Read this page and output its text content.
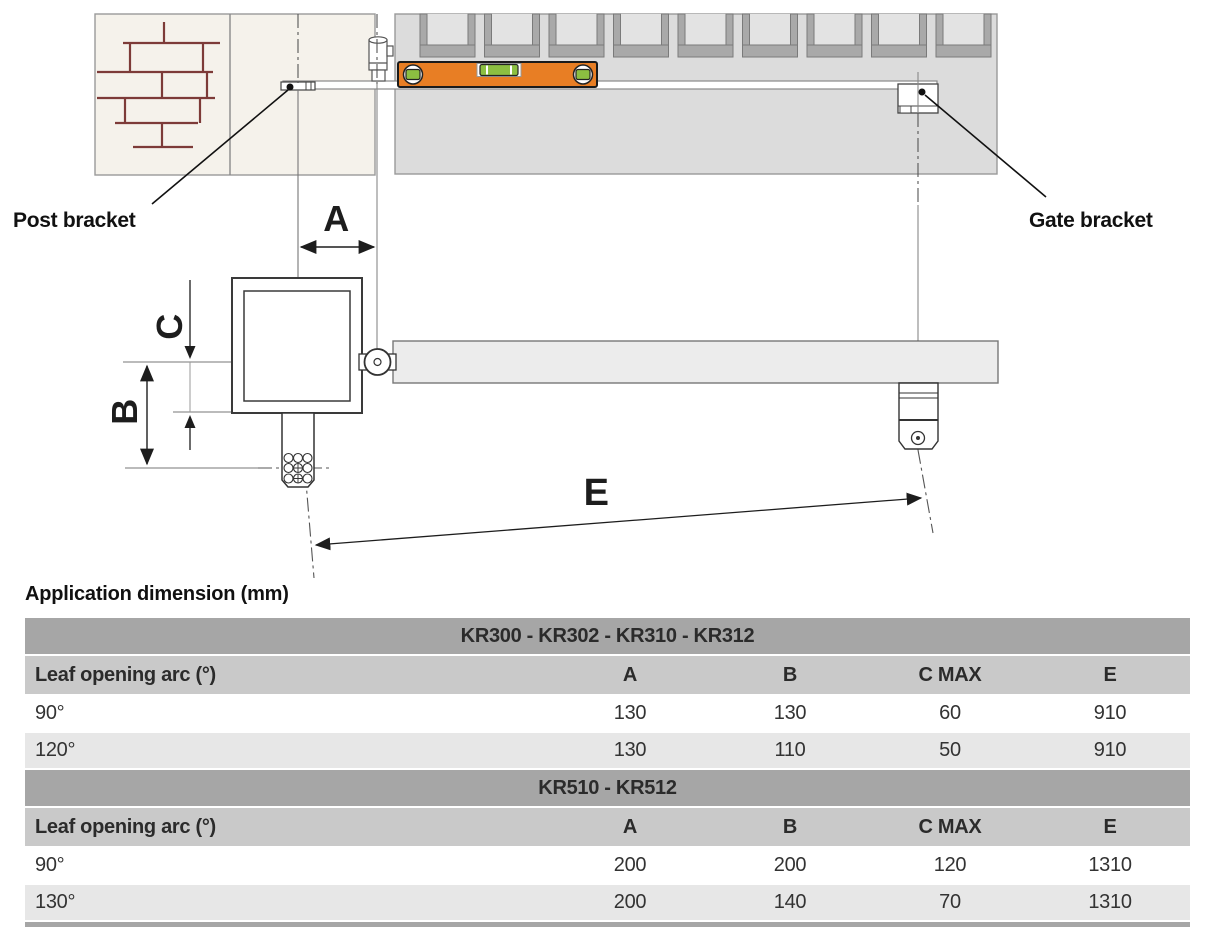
A
C
B
E
Post bracket	Gate bracket
Application dimension (mm)
KR300 - KR302 - KR310 - KR312
Leaf opening arc (°)	A	B	C MAX	E
90°	130	130	60	910
120°	130	110	50	910
KR510 - KR512
Leaf opening arc (°)	A	B	C MAX	E
90°	200	200	120	1310
130°	200	140	70	1310
